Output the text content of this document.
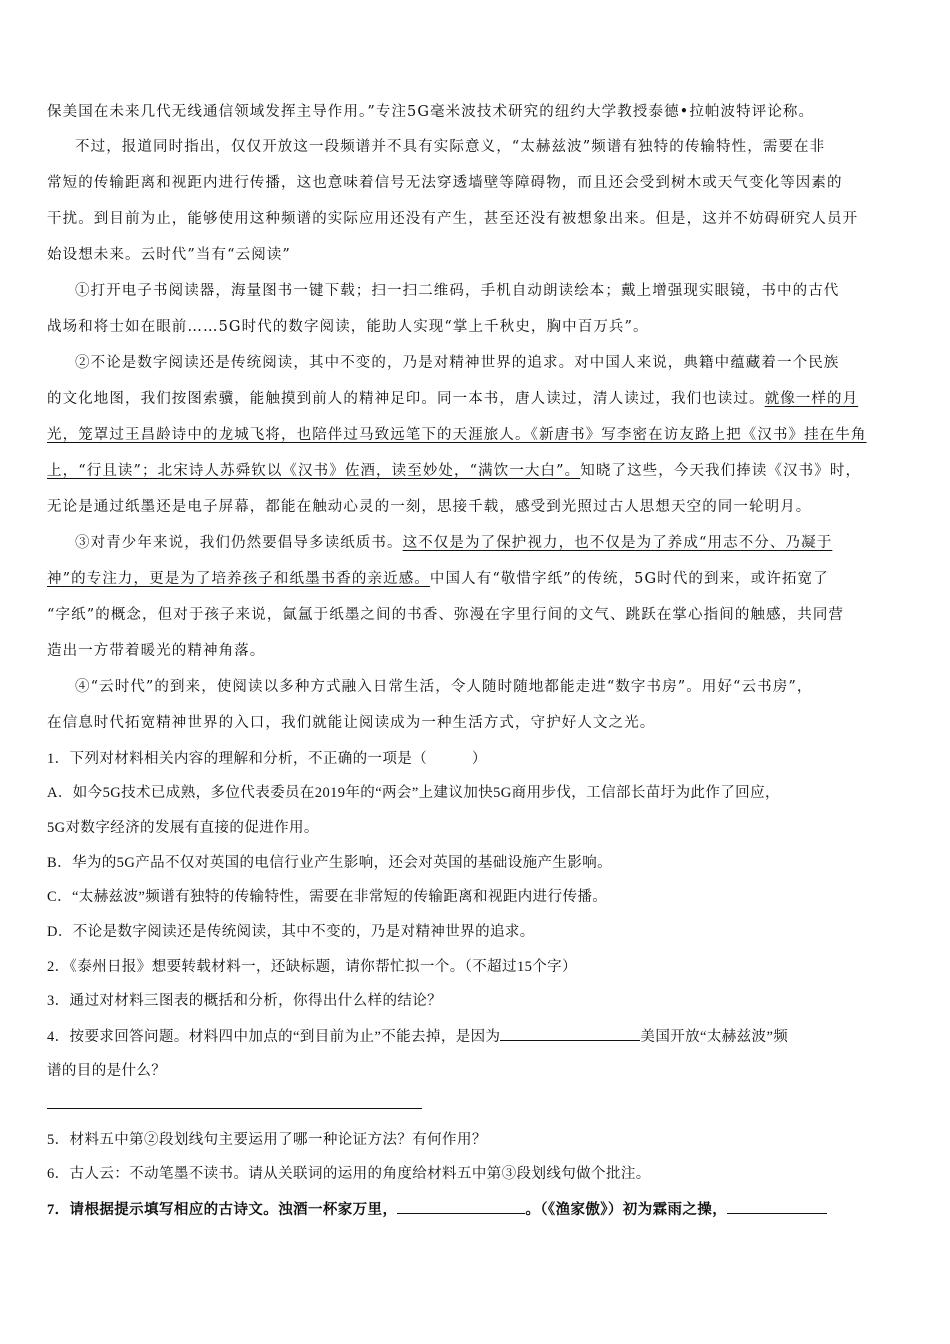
保美国在未来几代无线通信领域发挥主导作用。”专注5G毫米波技术研究的纽约大学教授泰德•拉帕波特评论称。
不过，报道同时指出，仅仅开放这一段频谱并不具有实际意义，“太赫兹波”频谱有独特的传输特性，需要在非
常短的传输距离和视距内进行传播，这也意味着信号无法穿透墙壁等障碍物，而且还会受到树木或天气变化等因素的
干扰。到目前为止，能够使用这种频谱的实际应用还没有产生，甚至还没有被想象出来。但是，这并不妨碍研究人员开
始设想未来。云时代”当有“云阅读”
①打开电子书阅读器，海量图书一键下载；扫一扫二维码，手机自动朗读绘本；戴上增强现实眼镜，书中的古代
战场和将士如在眼前……5G时代的数字阅读，能助人实现“掌上千秋史，胸中百万兵”。
②不论是数字阅读还是传统阅读，其中不变的，乃是对精神世界的追求。对中国人来说，典籍中蕴藏着一个民族
的文化地图，我们按图索骥，能触摸到前人的精神足印。同一本书，唐人读过，清人读过，我们也读过。就像一样的月
光，笼罩过王昌龄诗中的龙城飞将，也陪伴过马致远笔下的天涯旅人。《新唐书》写李密在访友路上把《汉书》挂在牛角
上，“行且读”；北宋诗人苏舜钦以《汉书》佐酒，读至妙处，“满饮一大白”。知晓了这些，今天我们捧读《汉书》时，
无论是通过纸墨还是电子屏幕，都能在触动心灵的一刻，思接千载，感受到光照过古人思想天空的同一轮明月。
③对青少年来说，我们仍然要倡导多读纸质书。这不仅是为了保护视力，也不仅是为了养成“用志不分、乃凝于
神”的专注力，更是为了培养孩子和纸墨书香的亲近感。中国人有“敬惜字纸”的传统，5G时代的到来，或许拓宽了
“字纸”的概念，但对于孩子来说，氤氲于纸墨之间的书香、弥漫在字里行间的文气、跳跃在掌心指间的触感，共同营
造出一方带着暖光的精神角落。
④“云时代”的到来，使阅读以多种方式融入日常生活，令人随时随地都能走进“数字书房”。用好“云书房”，
在信息时代拓宽精神世界的入口，我们就能让阅读成为一种生活方式，守护好人文之光。
1．下列对材料相关内容的理解和分析，不正确的一项是（　　　）
A．如今5G技术已成熟，多位代表委员在2019年的“两会”上建议加快5G商用步伐，工信部长苗圩为此作了回应，
5G对数字经济的发展有直接的促进作用。
B．华为的5G产品不仅对英国的电信行业产生影响，还会对英国的基础设施产生影响。
C．“太赫兹波”频谱有独特的传输特性，需要在非常短的传输距离和视距内进行传播。
D．不论是数字阅读还是传统阅读，其中不变的，乃是对精神世界的追求。
2．《泰州日报》想要转载材料一，还缺标题，请你帮忙拟一个。（不超过15个字）
3．通过对材料三图表的概括和分析，你得出什么样的结论？
4．按要求回答问题。材料四中加点的“到目前为止”不能去掉，是因为	美国开放“太赫兹波”频
谱的目的是什么？
5．材料五中第②段划线句主要运用了哪一种论证方法？有何作用？
6．古人云：不动笔墨不读书。请从关联词的运用的角度给材料五中第③段划线句做个批注。
7．请根据提示填写相应的古诗文。浊酒一杯家万里，	。（《渔家傲》）初为霖雨之操，
